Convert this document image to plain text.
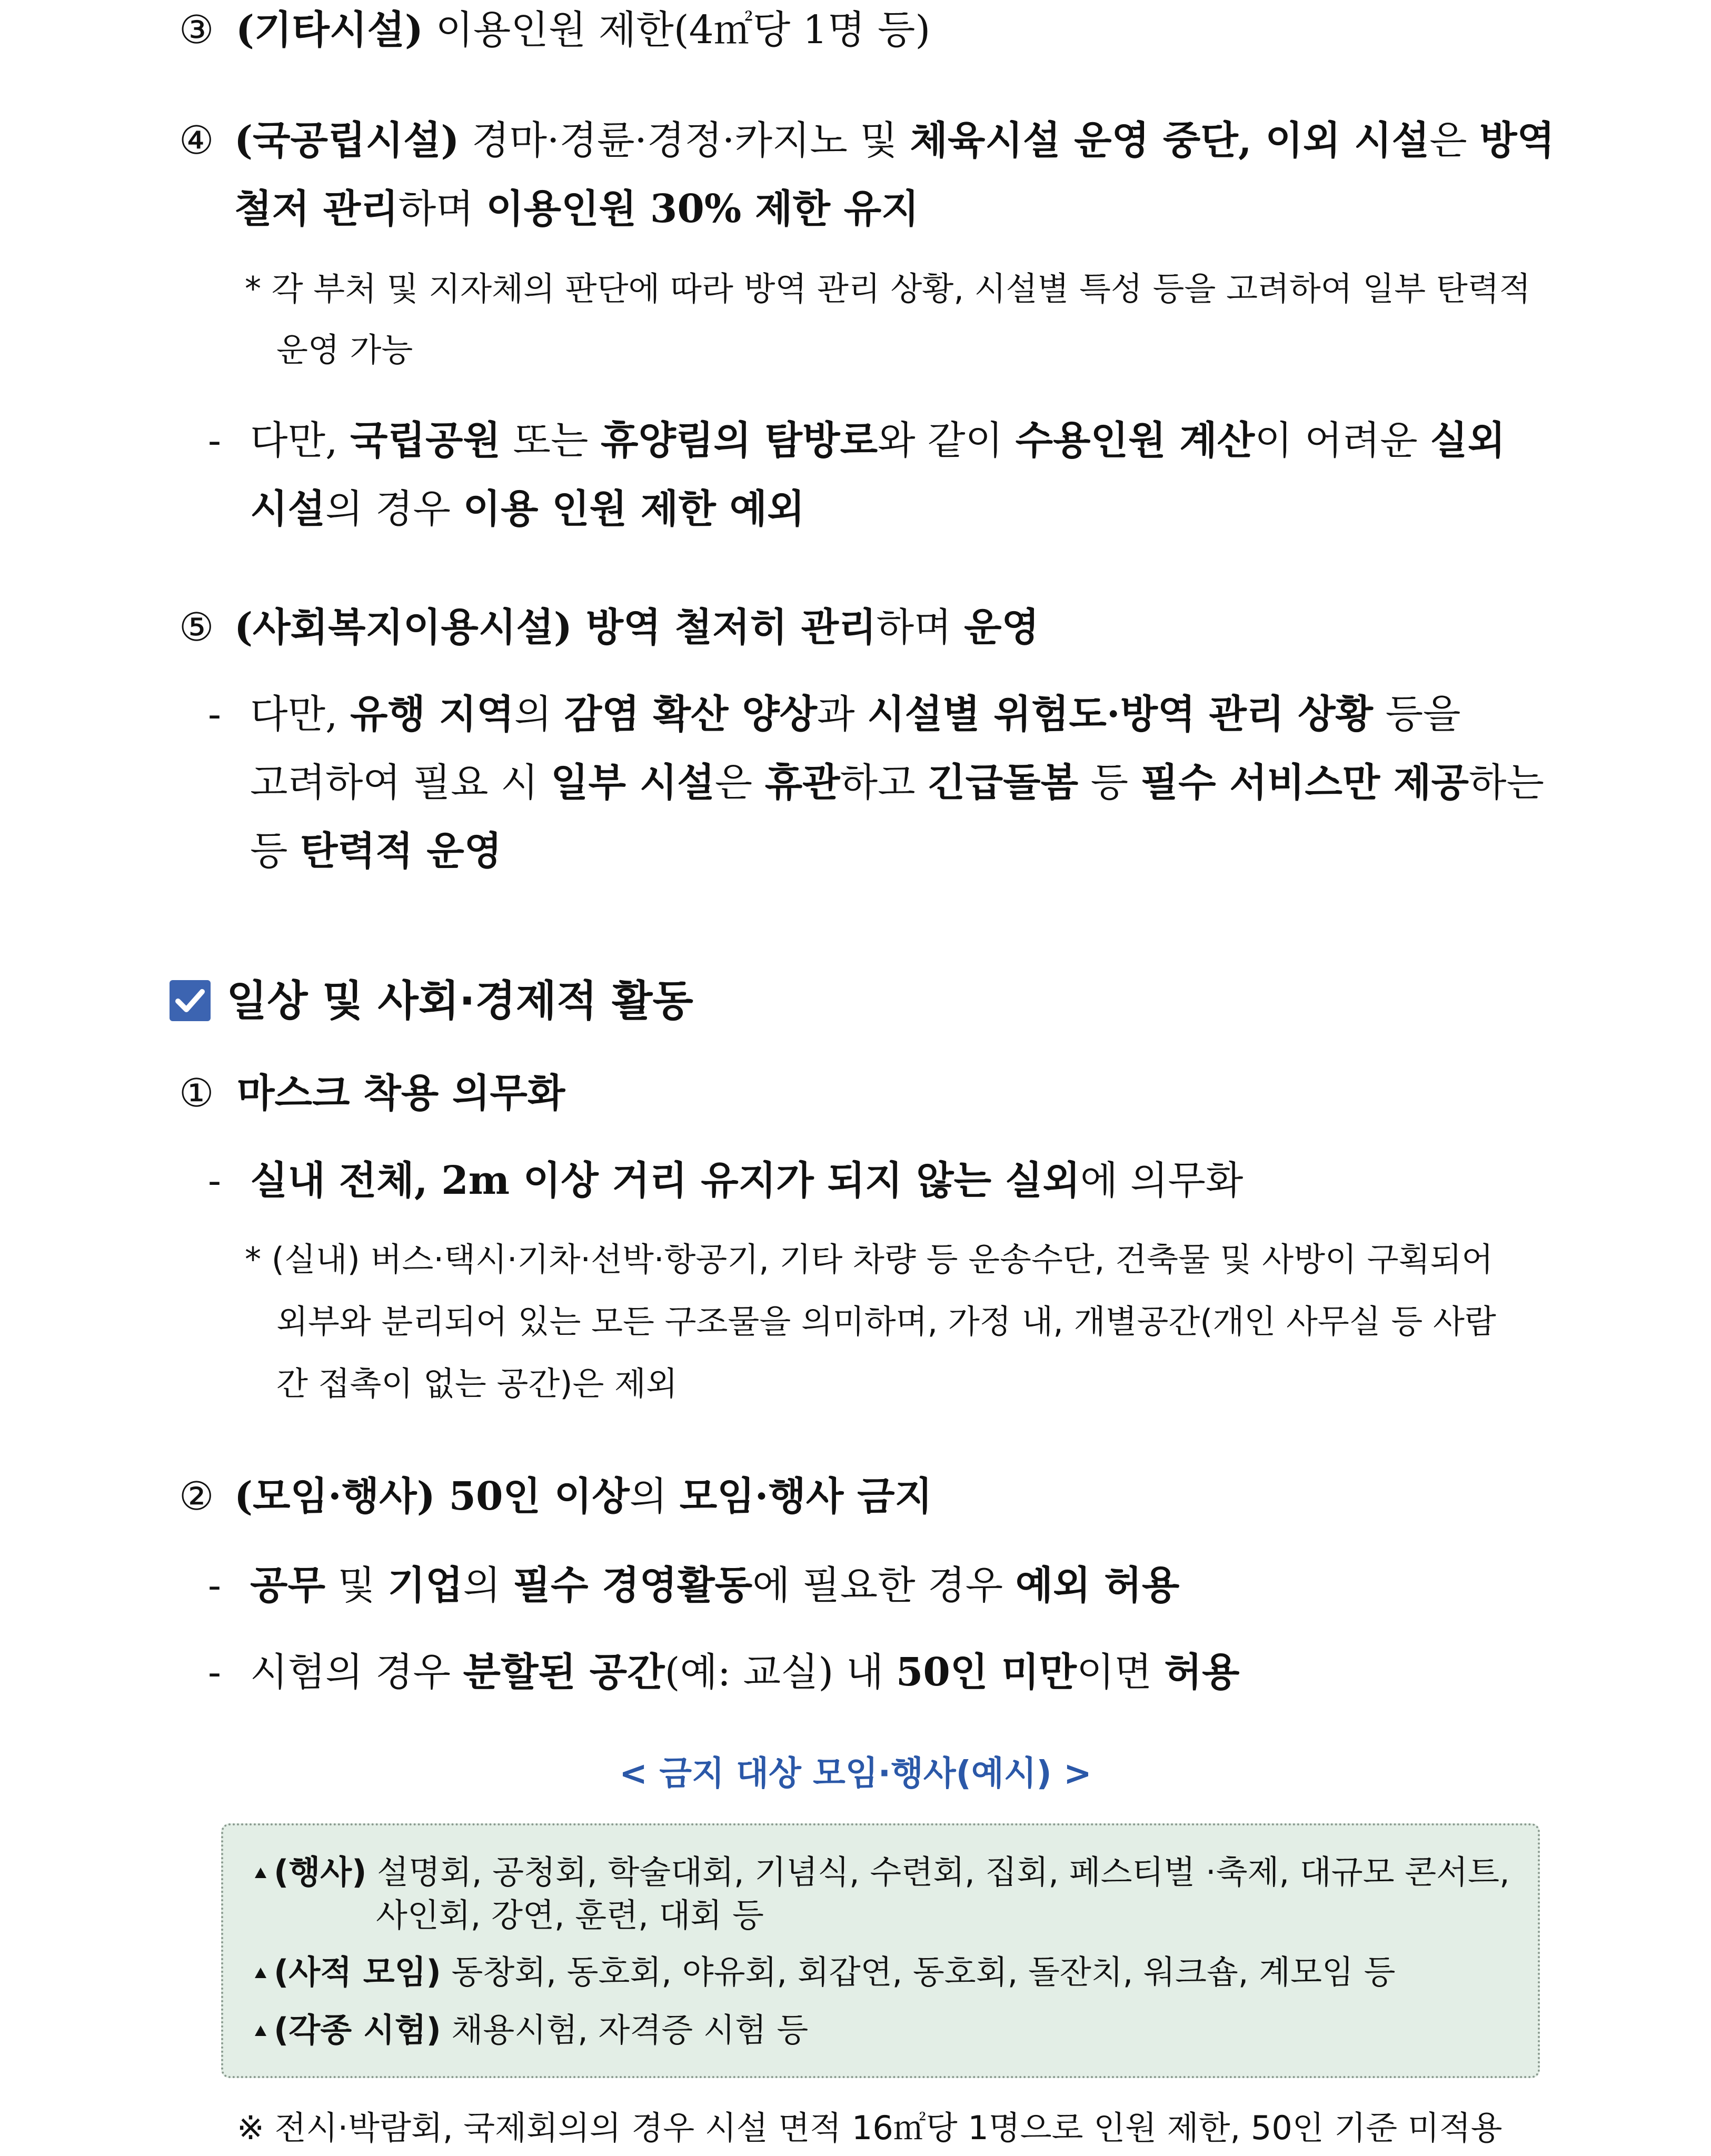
③ (기타시설) 이용인원 제한(4㎡당 1명 등)
④ (국공립시설) 경마·경륜·경정·카지노 및 체육시설 운영 중단, 이외 시설 은 방역
철저 관리하며 이용인원 30% 제한 유지
* 각 부처 및 지자체의 판단에 따라 방역 관리 상황, 시설별 특성 등을 고려하여 일부 탄력적
운영 가능
- 다만, 국립공원 또는 휴양림의 탐방로 와 같이 수용인원 계산 이 어려운 실외
시설의 경우 이용 인원 제한 예외
⑤ (사회복지이용시설) 방역 철저히 관리하며 운영
- 다만, 유행 지역 의 감염 확산 양상 과 시설별 위험도·방역 관리 상황 등을
고려하여 필요 시 일부 시설 은 휴관 하고 긴급돌봄 등 필수 서비스만 제공 하는
등 탄력적 운영
일상 및 사회·경제적 활동
① 마스크 착용 의무화
- 실내 전체, 2m 이상 거리 유지가 되지 않는 실외에 의무화
* (실내) 버스·택시·기차·선박·항공기, 기타 차량 등 운송수단, 건축물 및 사방이 구획되어
외부와 분리되어 있는 모든 구조물을 의미하며, 가정 내, 개별공간(개인 사무실 등 사람
간 접촉이 없는 공간)은 제외
② (모임·행사) 50인 이상의 모임·행사 금지
- 공무 및 기업의 필수 경영활동에 필요한 경우 예외 허용
- 시험의 경우 분할된 공간(예: 교실) 내 50인 미만이면 허용
< 금지 대상 모임·행사(예시) >
(행사) 설명회, 공청회, 학술대회, 기념식, 수련회, 집회, 페스티벌 ·축제, 대규모 콘서트,
사인회, 강연, 훈련, 대회 등
(사적 모임) 동창회, 동호회, 야유회, 회갑연, 동호회, 돌잔치, 워크숍, 계모임 등
(각종 시험) 채용시험, 자격증 시험 등
※ 전시·박람회, 국제회의의 경우 시설 면적 16㎡당 1명으로 인원 제한, 50인 기준 미적용
